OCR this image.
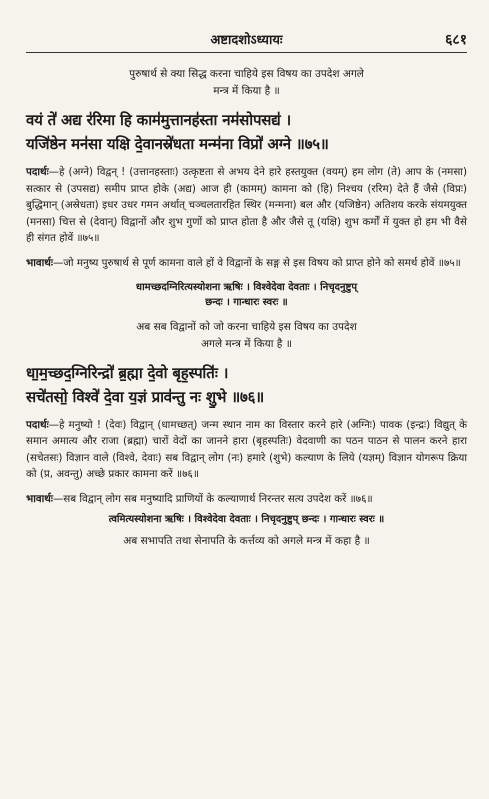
अष्टादशोऽध्यायः	६८१
पुरुषार्थ से क्या सिद्ध करना चाहिये इस विषय का उपदेश अगले
मन्त्र में किया है ॥

वयं ते॑ अद्य र॑रिमा हि काम॑मुत्तानह॑स्ता नम॑सोपसद्य॑ ।

यजि॑ष्ठेन मन॑सा यक्षि दे॒वानस्रे॑धता मन्म॑ना विप्रो॑ अग्ने ॥७५॥

पदार्थः—हे (अग्ने) विद्वन् ! (उत्तानहस्ताः) उत्कृष्टता से अभय देने हारे हस्तयुक्त (वयम्) हम लोग (ते) आप के (नमसा) सत्कार से (उपसद्य) समीप प्राप्त होके (अद्य) आज ही (कामम्) कामना को (हि) निश्चय (ररिम) देते हैं जैसे (विप्रः) बुद्धिमान् (अस्रेधता) इधर उधर गमन अर्थात् चञ्चलतारहित स्थिर (मन्मना) बल और (यजिष्ठेन) अतिशय करके संयमयुक्त (मनसा) चित्त से (देवान्) विद्वानों और शुभ गुणों को प्राप्त होता है और जैसे तू (यक्षि) शुभ कर्मों में युक्त हो हम भी वैसे ही संगत होवें ॥७५॥

भावार्थः—जो मनुष्य पुरुषार्थ से पूर्ण कामना वाले हों वे विद्वानों के सङ्ग से इस विषय को प्राप्त होने को समर्थ होवें ॥७५॥

धामच्छदग्निरित्यस्योशना ऋषिः । विश्वेदेवा देवताः । निचृदनुष्टुप्
छन्दः । गान्धारः स्वरः ॥
अब सब विद्वानों को जो करना चाहिये इस विषय का उपदेश
अगले मन्त्र में किया है ॥

धा॒म॒च्छद॒ग्निरिन्द्रो॑ ब्र॒ह्मा दे॒वो बृह॒स्पतिः॑ ।

सचे॑तसो॒ विश्वे॑ दे॒वा य॒ज्ञं प्राव॑न्तु नः शु॒भे ॥७६॥

पदार्थः—हे मनुष्यो ! (देवः) विद्वान् (धामच्छत्) जन्म स्थान नाम का विस्तार करने हारे (अग्निः) पावक (इन्द्रः) विद्युत् के समान अमात्य और राजा (ब्रह्मा) चारों वेदों का जानने हारा (बृहस्पतिः) वेदवाणी का पठन पाठन से पालन करने हारा (सचेतसः) विज्ञान वाले (विश्वे, देवाः) सब विद्वान् लोग (नः) हमारे (शुभे) कल्याण के लिये (यज्ञम्) विज्ञान योगरूप क्रिया को (प्र, अवन्तु) अच्छे प्रकार कामना करें ॥७६॥

भावार्थः—सब विद्वान् लोग सब मनुष्यादि प्राणियों के कल्याणार्थ निरन्तर सत्य उपदेश करें ॥७६॥

त्वमित्यस्योशना ऋषिः । विश्वेदेवा देवताः । निचृदनुष्टुप् छन्दः । गान्धारः स्वरः ॥
अब सभापति तथा सेनापति के कर्त्तव्य को अगले मन्त्र में कहा है ॥
